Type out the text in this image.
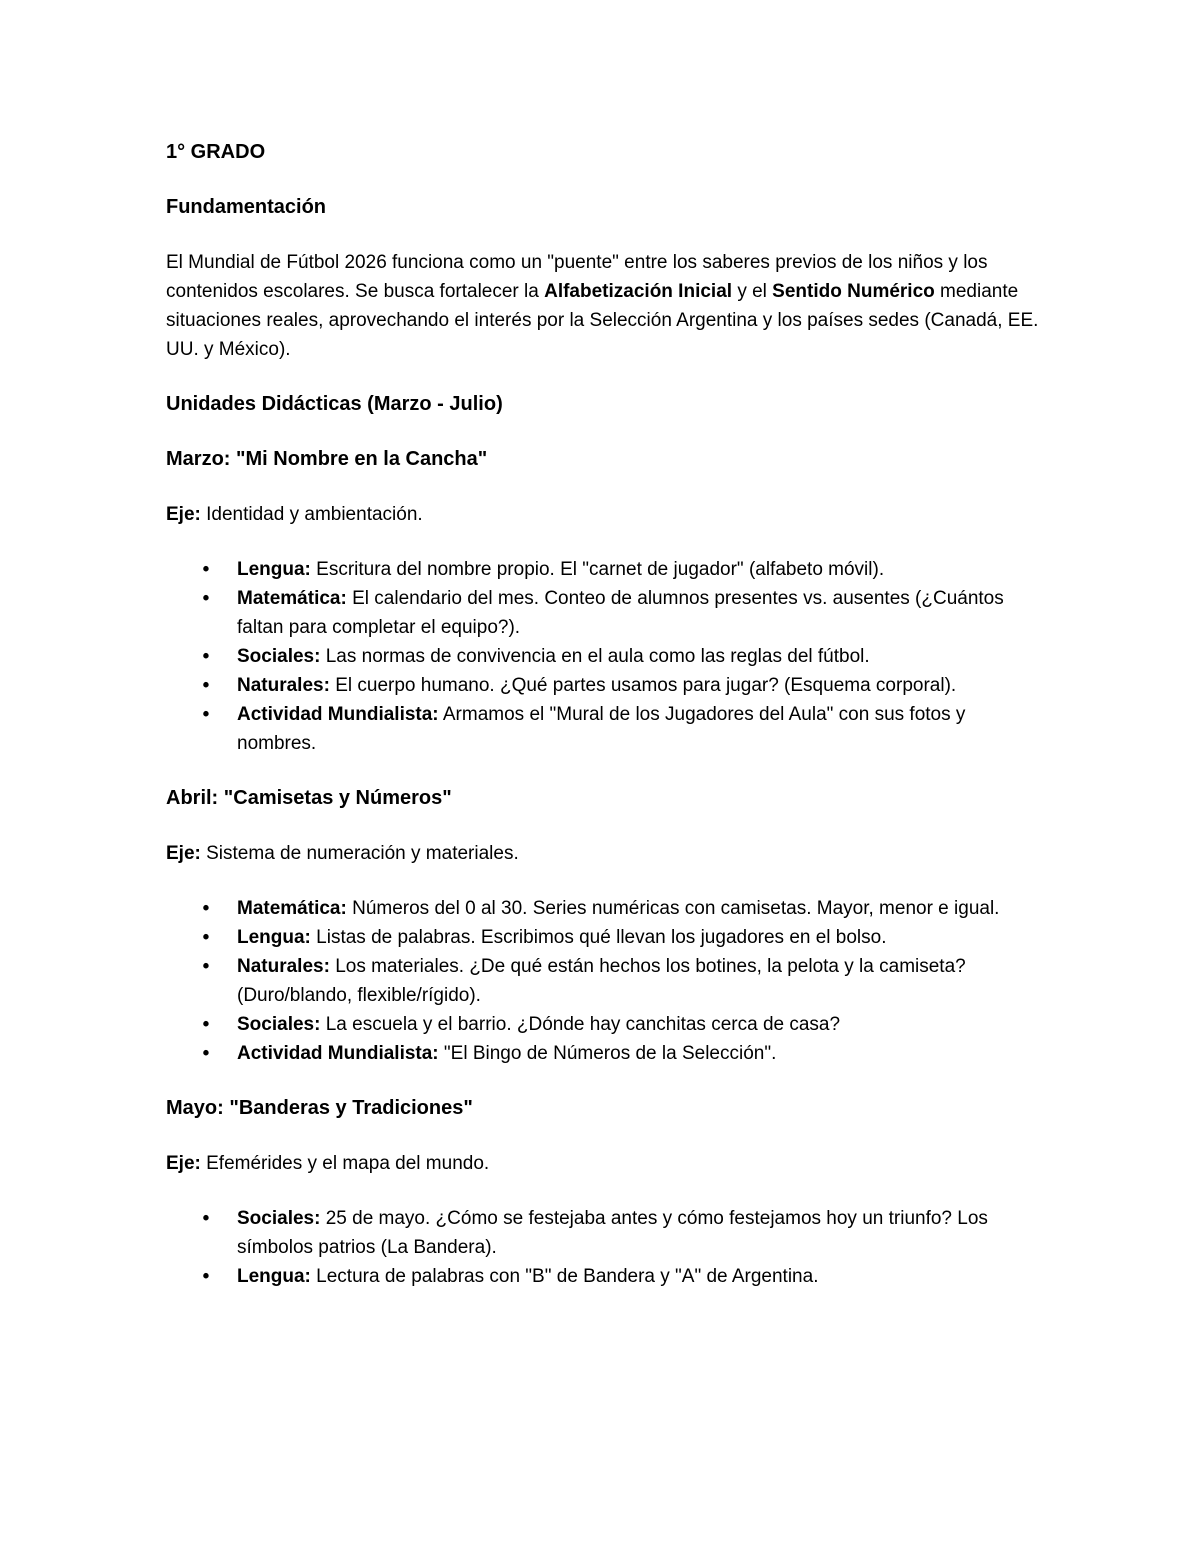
1° GRADO
Fundamentación
El Mundial de Fútbol 2026 funciona como un "puente" entre los saberes previos de los niños y los contenidos escolares. Se busca fortalecer la Alfabetización Inicial y el Sentido Numérico mediante situaciones reales, aprovechando el interés por la Selección Argentina y los países sedes (Canadá, EE. UU. y México).
Unidades Didácticas (Marzo - Julio)
Marzo: "Mi Nombre en la Cancha"
Eje: Identidad y ambientación.
• Lengua: Escritura del nombre propio. El "carnet de jugador" (alfabeto móvil).
• Matemática: El calendario del mes. Conteo de alumnos presentes vs. ausentes (¿Cuántos faltan para completar el equipo?).
• Sociales: Las normas de convivencia en el aula como las reglas del fútbol.
• Naturales: El cuerpo humano. ¿Qué partes usamos para jugar? (Esquema corporal).
• Actividad Mundialista: Armamos el "Mural de los Jugadores del Aula" con sus fotos y nombres.
Abril: "Camisetas y Números"
Eje: Sistema de numeración y materiales.
• Matemática: Números del 0 al 30. Series numéricas con camisetas. Mayor, menor e igual.
• Lengua: Listas de palabras. Escribimos qué llevan los jugadores en el bolso.
• Naturales: Los materiales. ¿De qué están hechos los botines, la pelota y la camiseta? (Duro/blando, flexible/rígido).
• Sociales: La escuela y el barrio. ¿Dónde hay canchitas cerca de casa?
• Actividad Mundialista: "El Bingo de Números de la Selección".
Mayo: "Banderas y Tradiciones"
Eje: Efemérides y el mapa del mundo.
• Sociales: 25 de mayo. ¿Cómo se festejaba antes y cómo festejamos hoy un triunfo? Los símbolos patrios (La Bandera).
• Lengua: Lectura de palabras con "B" de Bandera y "A" de Argentina.
